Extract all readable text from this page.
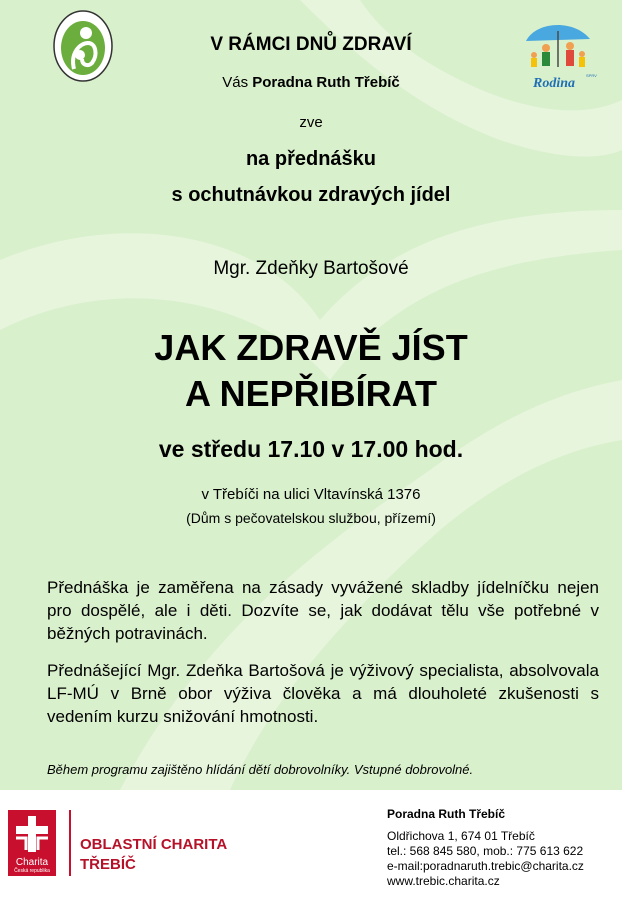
Rodina
SPRV
V RÁMCI DNŮ ZDRAVÍ
Vás Poradna Ruth Třebíč
zve
na přednášku
s ochutnávkou zdravých jídel
Mgr. Zdeňky Bartošové
JAK ZDRAVĚ JÍST
A NEPŘIBÍRAT
ve středu 17.10 v 17.00 hod.
v Třebíči na ulici Vltavínská 1376
(Dům s pečovatelskou službou, přízemí)
Přednáška je zaměřena na zásady vyvážené skladby jídelníčku nejen pro dospělé, ale i děti. Dozvíte se, jak dodávat tělu vše potřebné v běžných potravinách.
Přednášející Mgr. Zdeňka Bartošová je výživový specialista, absolvovala LF-MÚ v Brně obor výživa člověka a má dlouholeté zkušenosti s vedením kurzu snižování hmotnosti.
Během programu zajištěno hlídání dětí dobrovolníky. Vstupné dobrovolné.
Charita
Česká republika
OBLASTNÍ CHARITA
TŘEBÍČ
Poradna Ruth Třebíč
Oldřichova 1, 674 01 Třebíč
tel.: 568 845 580, mob.: 775 613 622
e-mail:poradnaruth.trebic@charita.cz
www.trebic.charita.cz
